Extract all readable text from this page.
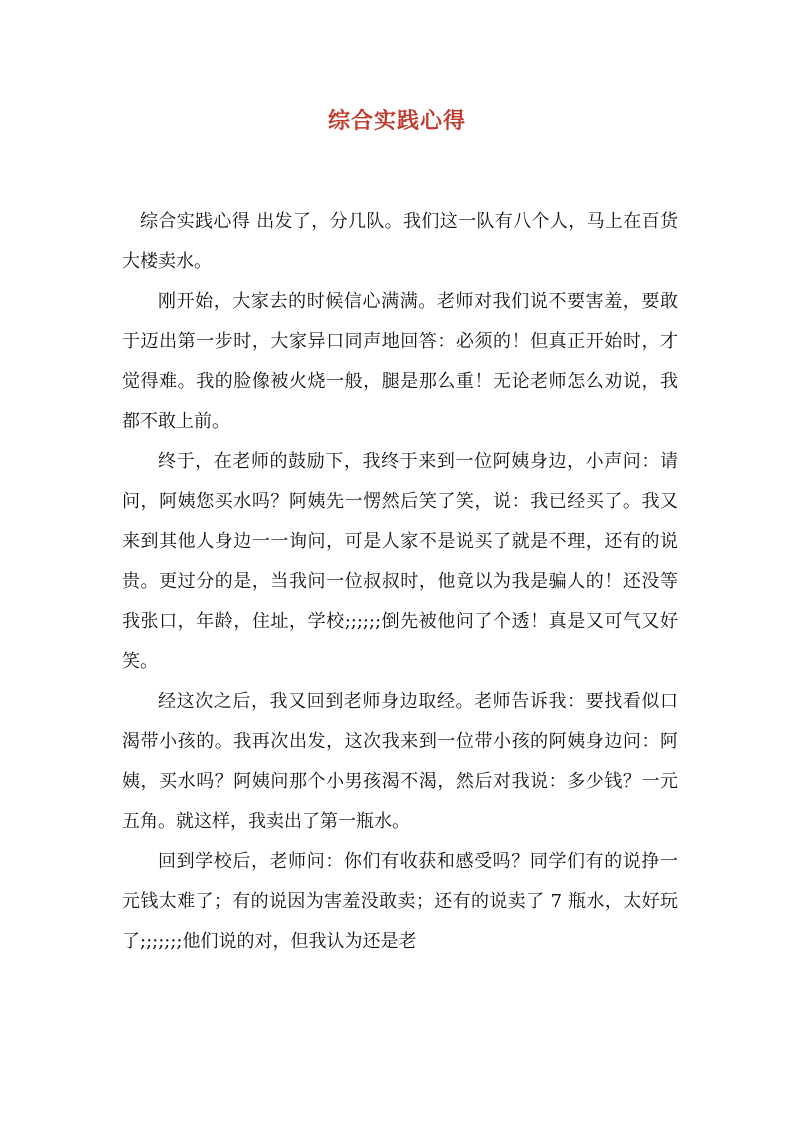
综合实践心得

综合实践心得 出发了，分几队。我们这一队有八个人，马上在百货大楼卖水。

刚开始，大家去的时候信心满满。老师对我们说不要害羞，要敢于迈出第一步时，大家异口同声地回答：必须的！但真正开始时，才觉得难。我的脸像被火烧一般，腿是那么重！无论老师怎么劝说，我都不敢上前。

终于，在老师的鼓励下，我终于来到一位阿姨身边，小声问：请问，阿姨您买水吗？阿姨先一愣然后笑了笑，说：我已经买了。我又来到其他人身边一一询问，可是人家不是说买了就是不理，还有的说贵。更过分的是，当我问一位叔叔时，他竟以为我是骗人的！还没等我张口，年龄，住址，学校;;;;;;倒先被他问了个透！真是又可气又好笑。

经这次之后，我又回到老师身边取经。老师告诉我：要找看似口渴带小孩的。我再次出发，这次我来到一位带小孩的阿姨身边问：阿姨，买水吗？阿姨问那个小男孩渴不渴，然后对我说：多少钱？一元五角。就这样，我卖出了第一瓶水。

回到学校后，老师问：你们有收获和感受吗？同学们有的说挣一元钱太难了；有的说因为害羞没敢卖；还有的说卖了 7 瓶水，太好玩了;;;;;;;他们说的对，但我认为还是老
